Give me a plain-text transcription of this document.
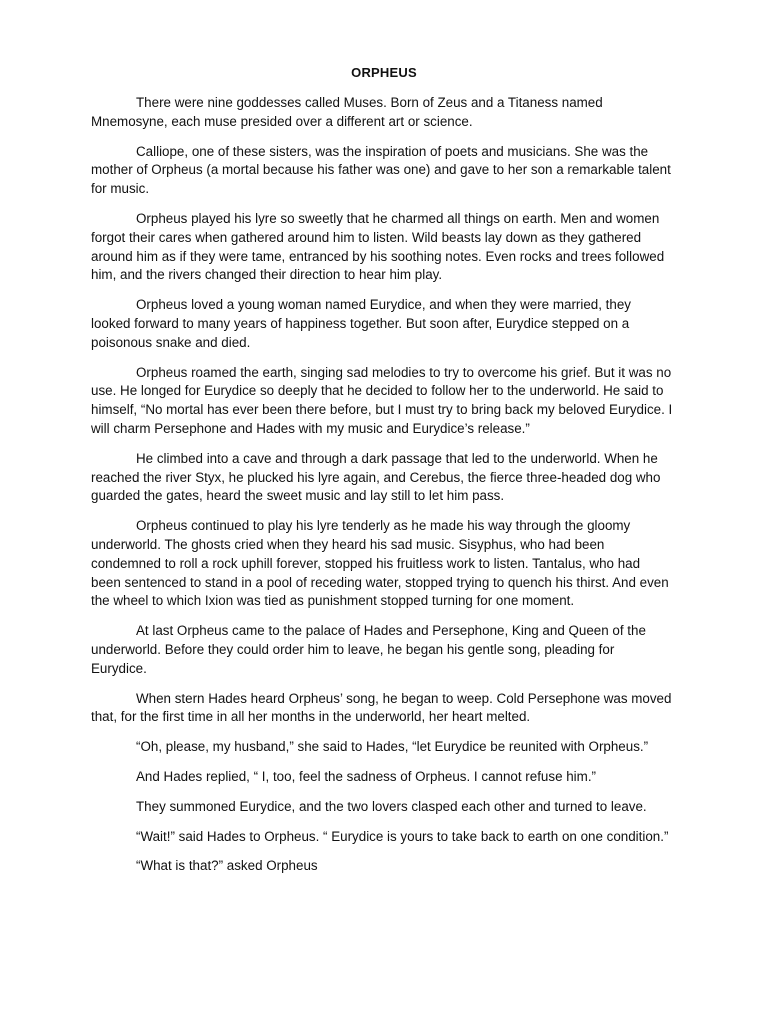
ORPHEUS

There were nine goddesses called Muses. Born of Zeus and a Titaness named Mnemosyne, each muse presided over a different art or science.

Calliope, one of these sisters, was the inspiration of poets and musicians. She was the mother of Orpheus (a mortal because his father was one) and gave to her son a remarkable talent for music.

Orpheus played his lyre so sweetly that he charmed all things on earth. Men and women forgot their cares when gathered around him to listen. Wild beasts lay down as they gathered around him as if they were tame, entranced by his soothing notes. Even rocks and trees followed him, and the rivers changed their direction to hear him play.

Orpheus loved a young woman named Eurydice, and when they were married, they looked forward to many years of happiness together. But soon after, Eurydice stepped on a poisonous snake and died.

Orpheus roamed the earth, singing sad melodies to try to overcome his grief. But it was no use. He longed for Eurydice so deeply that he decided to follow her to the underworld. He said to himself, “No mortal has ever been there before, but I must try to bring back my beloved Eurydice. I will charm Persephone and Hades with my music and Eurydice’s release.”

He climbed into a cave and through a dark passage that led to the underworld. When he reached the river Styx, he plucked his lyre again, and Cerebus, the fierce three-headed dog who guarded the gates, heard the sweet music and lay still to let him pass.

Orpheus continued to play his lyre tenderly as he made his way through the gloomy underworld. The ghosts cried when they heard his sad music. Sisyphus, who had been condemned to roll a rock uphill forever, stopped his fruitless work to listen. Tantalus, who had been sentenced to stand in a pool of receding water, stopped trying to quench his thirst. And even the wheel to which Ixion was tied as punishment stopped turning for one moment.

At last Orpheus came to the palace of Hades and Persephone, King and Queen of the underworld. Before they could order him to leave, he began his gentle song, pleading for Eurydice.

When stern Hades heard Orpheus’ song, he began to weep. Cold Persephone was moved that, for the first time in all her months in the underworld, her heart melted.

“Oh, please, my husband,” she said to Hades, “let Eurydice be reunited with Orpheus.”

And Hades replied, “ I, too, feel the sadness of Orpheus. I cannot refuse him.”

They summoned Eurydice, and the two lovers clasped each other and turned to leave.

“Wait!” said Hades to Orpheus. “ Eurydice is yours to take back to earth on one condition.”

“What is that?” asked Orpheus
